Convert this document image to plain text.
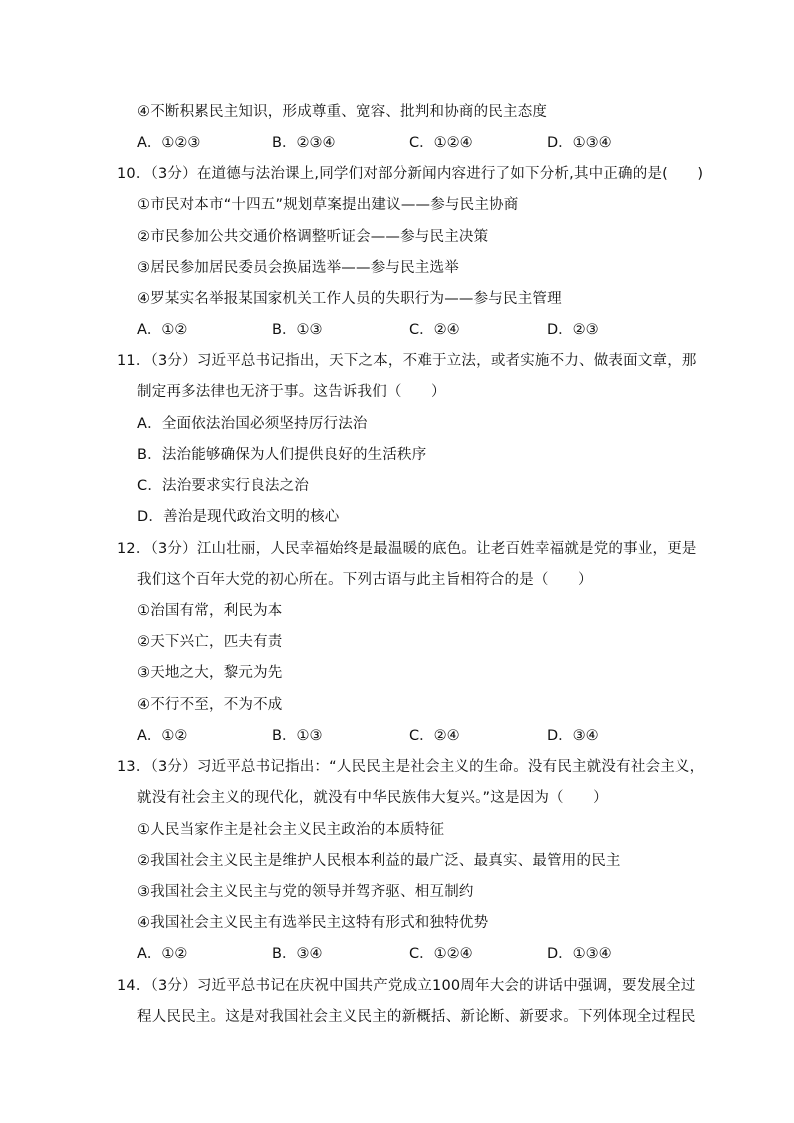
④不断积累民主知识，形成尊重、宽容、批判和协商的民主态度
A．①②③	B．②③④	C．①②④	D．①③④
10．（3分）在道德与法治课上,同学们对部分新闻内容进行了如下分析,其中正确的是(　　)
①市民对本市“十四五”规划草案提出建议——参与民主协商
②市民参加公共交通价格调整听证会——参与民主决策
③居民参加居民委员会换届选举——参与民主选举
④罗某实名举报某国家机关工作人员的失职行为——参与民主管理
A．①②	B．①③	C．②④	D．②③
11．（3分）习近平总书记指出，天下之本，不难于立法，或者实施不力、做表面文章，那
制定再多法律也无济于事。这告诉我们（　　）
A．全面依法治国必须坚持厉行法治
B．法治能够确保为人们提供良好的生活秩序
C．法治要求实行良法之治
D．善治是现代政治文明的核心
12．（3分）江山壮丽，人民幸福始终是最温暖的底色。让老百姓幸福就是党的事业，更是
我们这个百年大党的初心所在。下列古语与此主旨相符合的是（　　）
①治国有常，利民为本
②天下兴亡，匹夫有责
③天地之大，黎元为先
④不行不至，不为不成
A．①②	B．①③	C．②④	D．③④
13．（3分）习近平总书记指出：“人民民主是社会主义的生命。没有民主就没有社会主义，
就没有社会主义的现代化，就没有中华民族伟大复兴。”这是因为（　　）
①人民当家作主是社会主义民主政治的本质特征
②我国社会主义民主是维护人民根本利益的最广泛、最真实、最管用的民主
③我国社会主义民主与党的领导并驾齐驱、相互制约
④我国社会主义民主有选举民主这特有形式和独特优势
A．①②	B．③④	C．①②④	D．①③④
14．（3分）习近平总书记在庆祝中国共产党成立100周年大会的讲话中强调，要发展全过
程人民民主。这是对我国社会主义民主的新概括、新论断、新要求。下列体现全过程民
